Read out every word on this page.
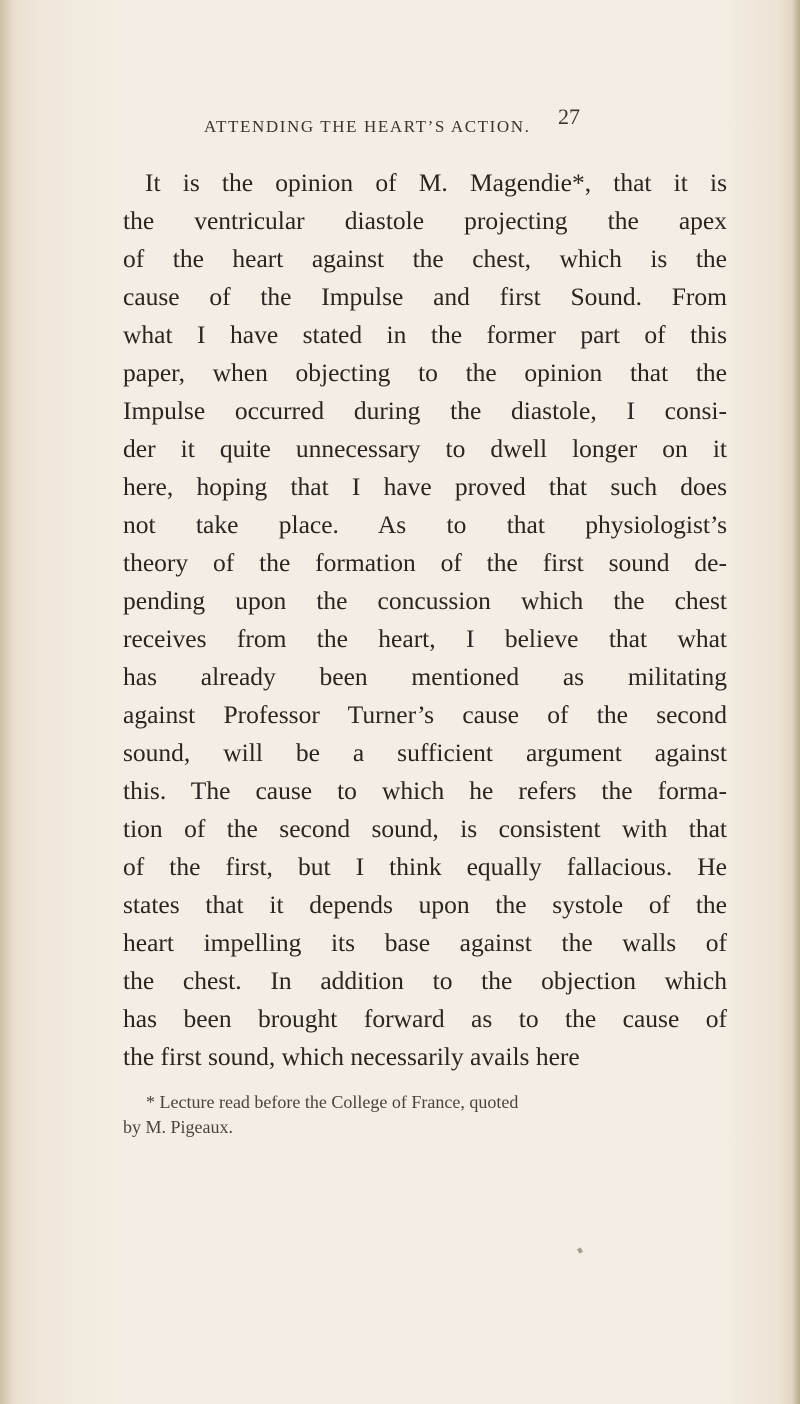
ATTENDING THE HEART’S ACTION. 27
It is the opinion of M. Magendie*, that it is
the ventricular diastole projecting the apex
of the heart against the chest, which is the
cause of the Impulse and first Sound. From
what I have stated in the former part of this
paper, when objecting to the opinion that the
Impulse occurred during the diastole, I consi-
der it quite unnecessary to dwell longer on it
here, hoping that I have proved that such does
not take place. As to that physiologist’s
theory of the formation of the first sound de-
pending upon the concussion which the chest
receives from the heart, I believe that what
has already been mentioned as militating
against Professor Turner’s cause of the second
sound, will be a sufficient argument against
this. The cause to which he refers the forma-
tion of the second sound, is consistent with that
of the first, but I think equally fallacious. He
states that it depends upon the systole of the
heart impelling its base against the walls of
the chest. In addition to the objection which
has been brought forward as to the cause of
the first sound, which necessarily avails here
* Lecture read before the College of France, quoted
by M. Pigeaux.
